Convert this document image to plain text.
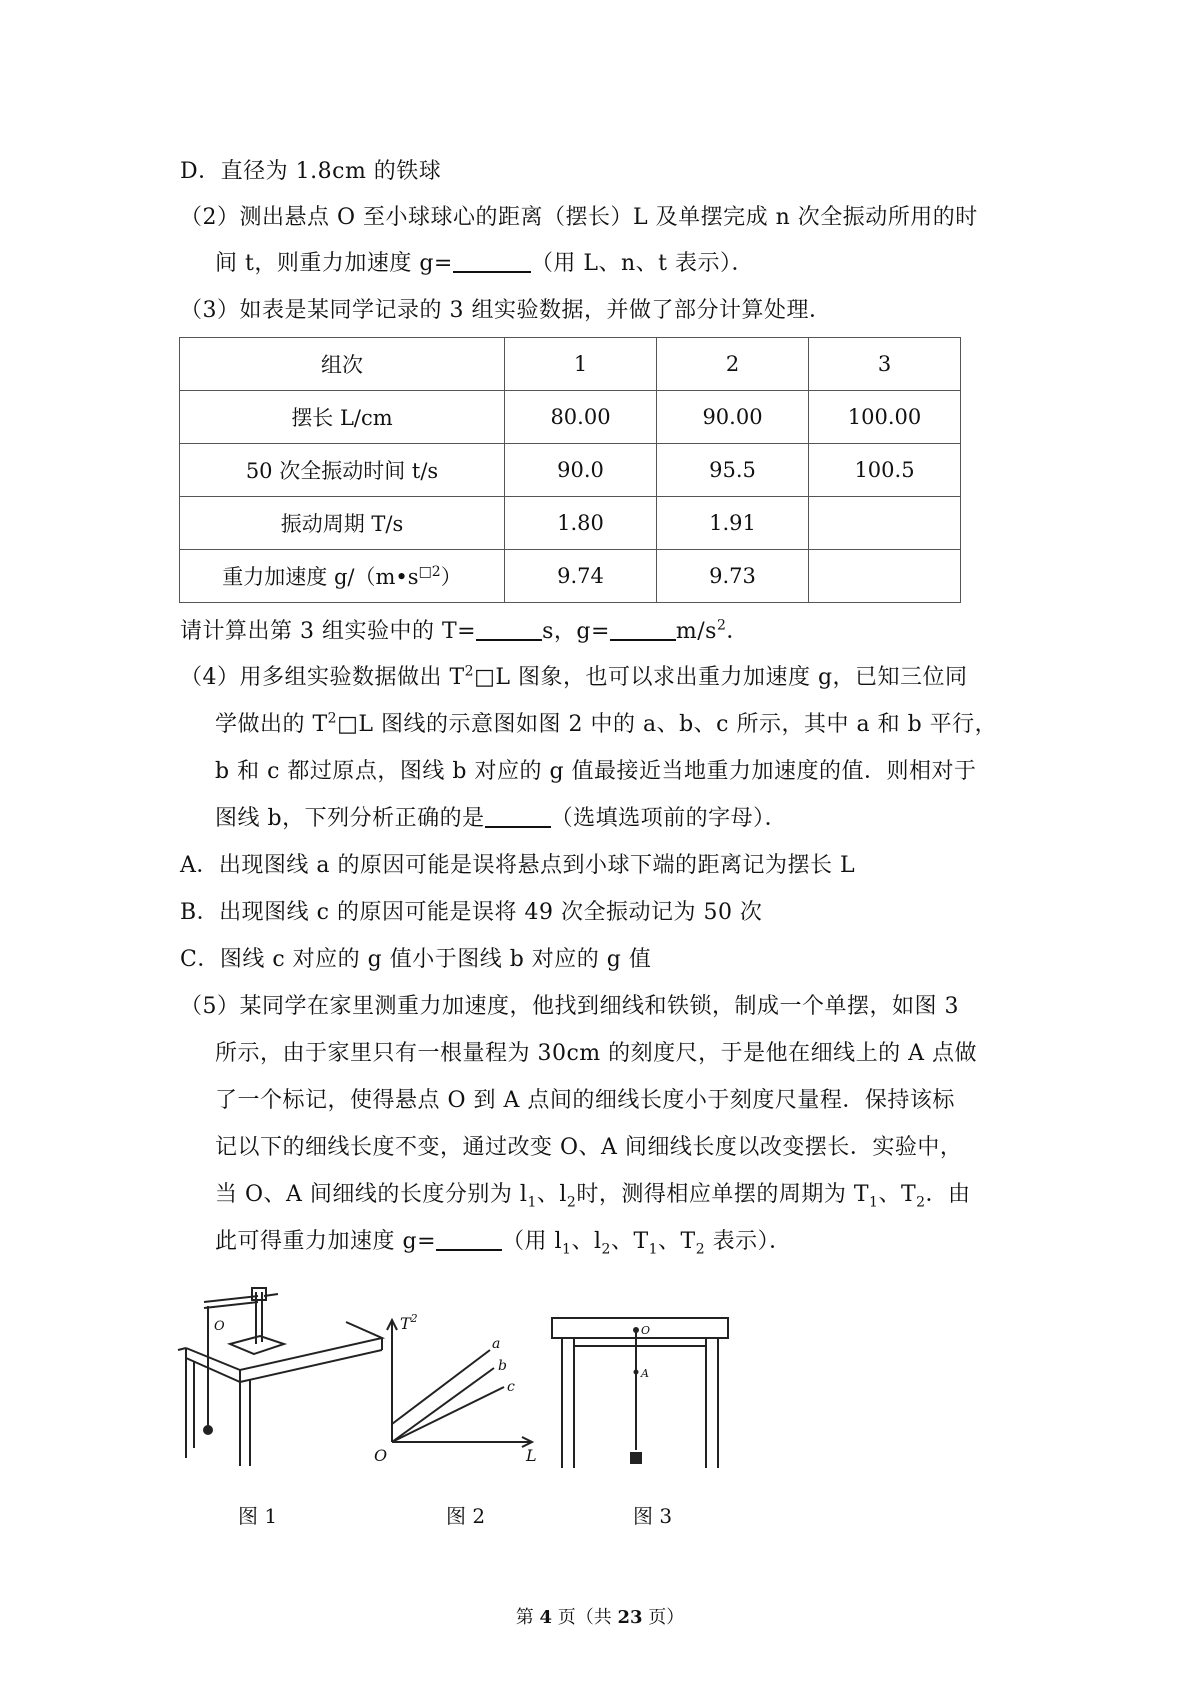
D．直径为 1.8cm 的铁球
（2）测出悬点 O 至小球球心的距离（摆长）L 及单摆完成 n 次全振动所用的时
间 t，则重力加速度 g=	（用 L、n、t 表示）．
（3）如表是某同学记录的 3 组实验数据，并做了部分计算处理．
组次	1	2	3
摆长 L/cm	80.00	90.00	100.00
50 次全振动时间 t/s	90.0	95.5	100.5
振动周期 T/s	1.80	1.91	
重力加速度 $g/(m•s^{□2})$	9.74	9.73	
请计算出第 3 组实验中的 T=	s，g=	$m/s^2$．
（4）用多组实验数据做出 $T^2□L$ 图象，也可以求出重力加速度 g，已知三位同
学做出的 $T^2□L$ 图线的示意图如图 2 中的 a、b、c 所示，其中 a 和 b 平行，
b 和 c 都过原点，图线 b 对应的 g 值最接近当地重力加速度的值．则相对于
图线 b，下列分析正确的是	（选填选项前的字母）．
A．出现图线 a 的原因可能是误将悬点到小球下端的距离记为摆长 L
B．出现图线 c 的原因可能是误将 49 次全振动记为 50 次
C．图线 c 对应的 g 值小于图线 b 对应的 g 值
（5）某同学在家里测重力加速度，他找到细线和铁锁，制成一个单摆，如图 3
所示，由于家里只有一根量程为 30cm 的刻度尺，于是他在细线上的 A 点做
了一个标记，使得悬点 O 到 A 点间的细线长度小于刻度尺量程．保持该标
记以下的细线长度不变，通过改变 O、A 间细线长度以改变摆长．实验中，
当 O、A 间细线的长度分别为 $l_1$、$l_2$时，测得相应单摆的周期为 $T_1$、$T_2$．由
此可得重力加速度 g=	（用 $l_1$、$l_2$、$T_1$、$T_2$ 表示）．
O	$T^2$
L
O
a
b
c
O
A
图 1	图 2	图 3
第 4 页（共 23 页）
